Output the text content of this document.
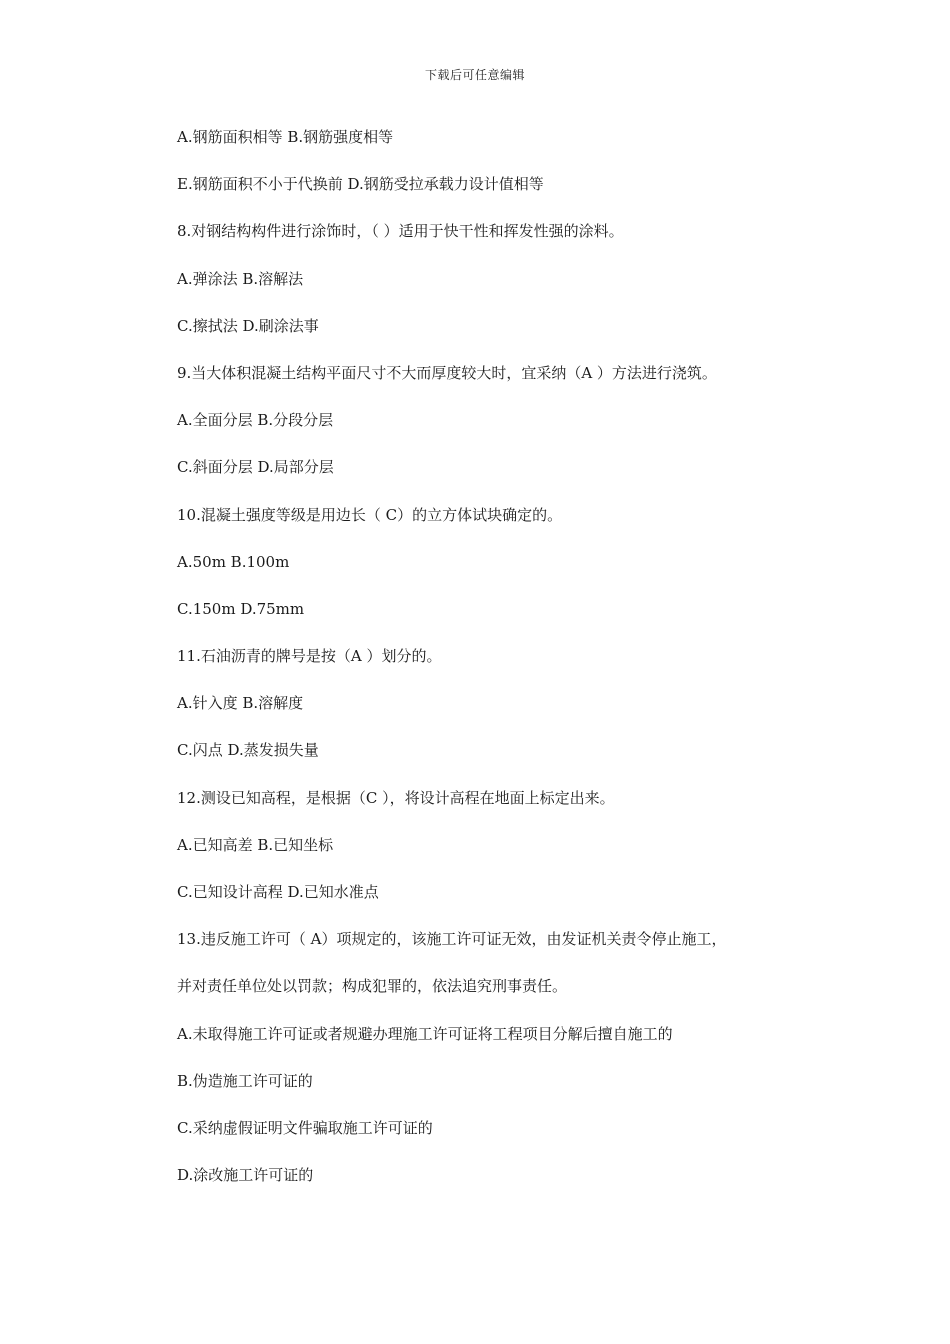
下载后可任意编辑
A.钢筋面积相等 B.钢筋强度相等
E.钢筋面积不小于代换前 D.钢筋受拉承载力设计值相等
8.对钢结构构件进行涂饰时，（ ）适用于快干性和挥发性强的涂料。
A.弹涂法 B.溶解法
C.擦拭法 D.刷涂法事
9.当大体积混凝土结构平面尺寸不大而厚度较大时，宜采纳（A ）方法进行浇筑。
A.全面分层 B.分段分层
C.斜面分层 D.局部分层
10.混凝土强度等级是用边长（ C）的立方体试块确定的。
A.50m B.100m
C.150m D.75mm
11.石油沥青的牌号是按（A ）划分的。
A.针入度 B.溶解度
C.闪点 D.蒸发损失量
12.测设已知高程，是根据（C ），将设计高程在地面上标定出来。
A.已知高差 B.已知坐标
C.已知设计高程 D.已知水准点
13.违反施工许可（ A）项规定的，该施工许可证无效，由发证机关责令停止施工，
并对责任单位处以罚款；构成犯罪的，依法追究刑事责任。
A.未取得施工许可证或者规避办理施工许可证将工程项目分解后擅自施工的
B.伪造施工许可证的
C.采纳虚假证明文件骗取施工许可证的
D.涂改施工许可证的
